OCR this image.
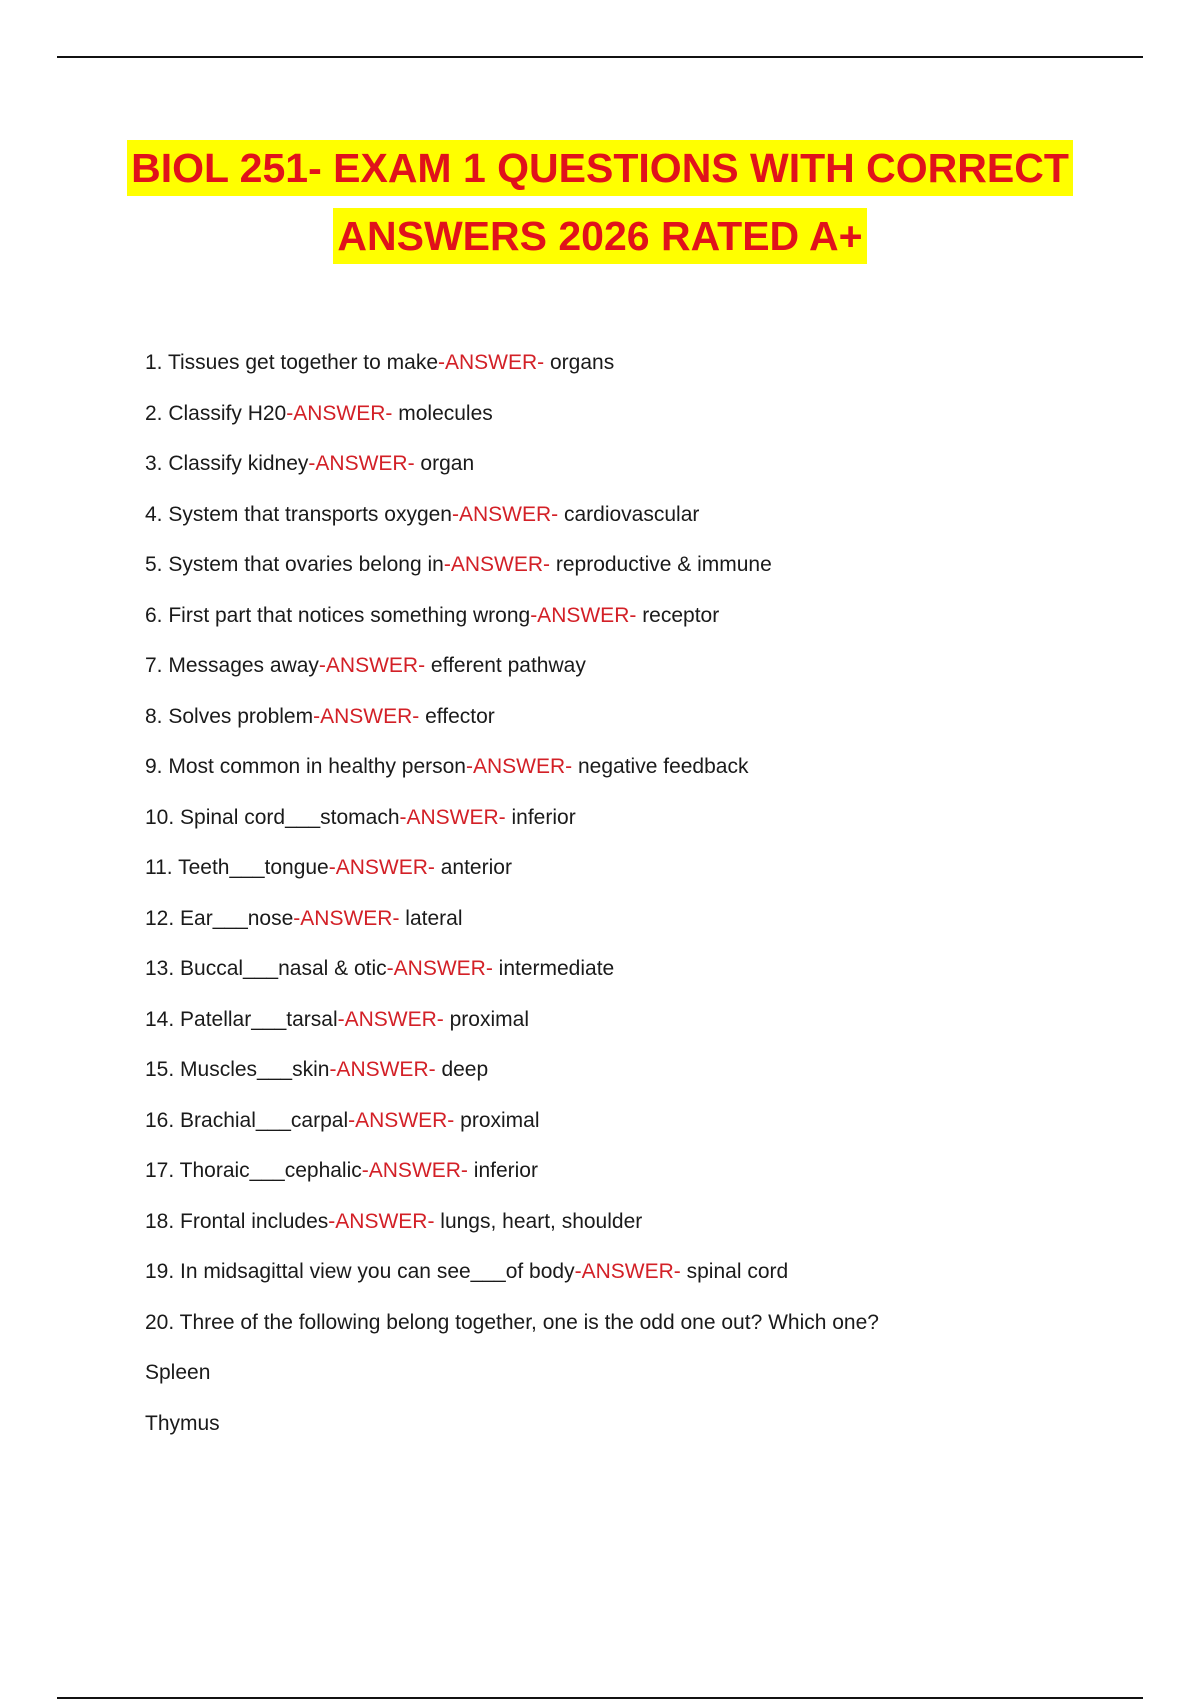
BIOL 251- EXAM 1 QUESTIONS WITH CORRECT
ANSWERS 2026 RATED A+
1. Tissues get together to make-ANSWER- organs
2. Classify H20-ANSWER- molecules
3. Classify kidney-ANSWER- organ
4. System that transports oxygen-ANSWER- cardiovascular
5. System that ovaries belong in-ANSWER- reproductive & immune
6. First part that notices something wrong-ANSWER- receptor
7. Messages away-ANSWER- efferent pathway
8. Solves problem-ANSWER- effector
9. Most common in healthy person-ANSWER- negative feedback
10. Spinal cord___stomach-ANSWER- inferior
11. Teeth___tongue-ANSWER- anterior
12. Ear___nose-ANSWER- lateral
13. Buccal___nasal & otic-ANSWER- intermediate
14. Patellar___tarsal-ANSWER- proximal
15. Muscles___skin-ANSWER- deep
16. Brachial___carpal-ANSWER- proximal
17. Thoraic___cephalic-ANSWER- inferior
18. Frontal includes-ANSWER- lungs, heart, shoulder
19. In midsagittal view you can see___of body-ANSWER- spinal cord
20. Three of the following belong together, one is the odd one out? Which one?
Spleen
Thymus
